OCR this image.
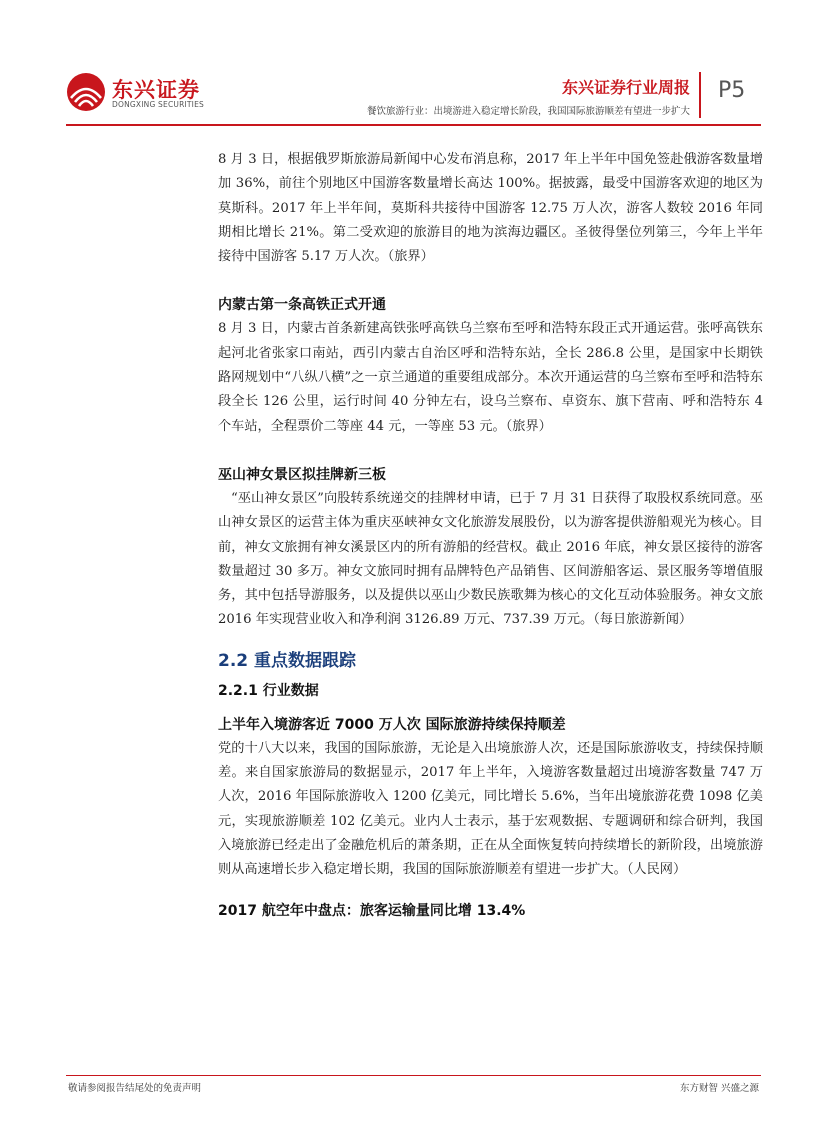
东兴证券
DONGXING SECURITIES
东兴证券行业周报
餐饮旅游行业：出境游进入稳定增长阶段，我国国际旅游顺差有望进一步扩大
P5

8 月 3 日，根据俄罗斯旅游局新闻中心发布消息称，2017 年上半年中国免签赴俄游客数量增加 36%，前往个别地区中国游客数量增长高达 100%。据披露，最受中国游客欢迎的地区为莫斯科。2017 年上半年间，莫斯科共接待中国游客 12.75 万人次，游客人数较 2016 年同期相比增长 21%。第二受欢迎的旅游目的地为滨海边疆区。圣彼得堡位列第三，今年上半年接待中国游客 5.17 万人次。（旅界）

内蒙古第一条高铁正式开通

8 月 3 日，内蒙古首条新建高铁张呼高铁乌兰察布至呼和浩特东段正式开通运营。张呼高铁东起河北省张家口南站，西引内蒙古自治区呼和浩特东站，全长 286.8 公里，是国家中长期铁路网规划中“八纵八横”之一京兰通道的重要组成部分。本次开通运营的乌兰察布至呼和浩特东段全长 126 公里，运行时间 40 分钟左右，设乌兰察布、卓资东、旗下营南、呼和浩特东 4 个车站，全程票价二等座 44 元，一等座 53 元。（旅界）

巫山神女景区拟挂牌新三板

“巫山神女景区”向股转系统递交的挂牌材申请，已于 7 月 31 日获得了取股权系统同意。巫山神女景区的运营主体为重庆巫峡神女文化旅游发展股份，以为游客提供游船观光为核心。目前，神女文旅拥有神女溪景区内的所有游船的经营权。截止 2016 年底，神女景区接待的游客数量超过 30 多万。神女文旅同时拥有品牌特色产品销售、区间游船客运、景区服务等增值服务，其中包括导游服务，以及提供以巫山少数民族歌舞为核心的文化互动体验服务。神女文旅 2016 年实现营业收入和净利润 3126.89 万元、737.39 万元。（每日旅游新闻）

2.2 重点数据跟踪
2.2.1 行业数据
上半年入境游客近 7000 万人次 国际旅游持续保持顺差

党的十八大以来，我国的国际旅游，无论是入出境旅游人次，还是国际旅游收支，持续保持顺差。来自国家旅游局的数据显示，2017 年上半年，入境游客数量超过出境游客数量 747 万人次，2016 年国际旅游收入 1200 亿美元，同比增长 5.6%，当年出境旅游花费 1098 亿美元，实现旅游顺差 102 亿美元。业内人士表示，基于宏观数据、专题调研和综合研判，我国入境旅游已经走出了金融危机后的萧条期，正在从全面恢复转向持续增长的新阶段，出境旅游则从高速增长步入稳定增长期，我国的国际旅游顺差有望进一步扩大。（人民网）

2017 航空年中盘点：旅客运输量同比增 13.4%
敬请参阅报告结尾处的免责声明	东方财智 兴盛之源
